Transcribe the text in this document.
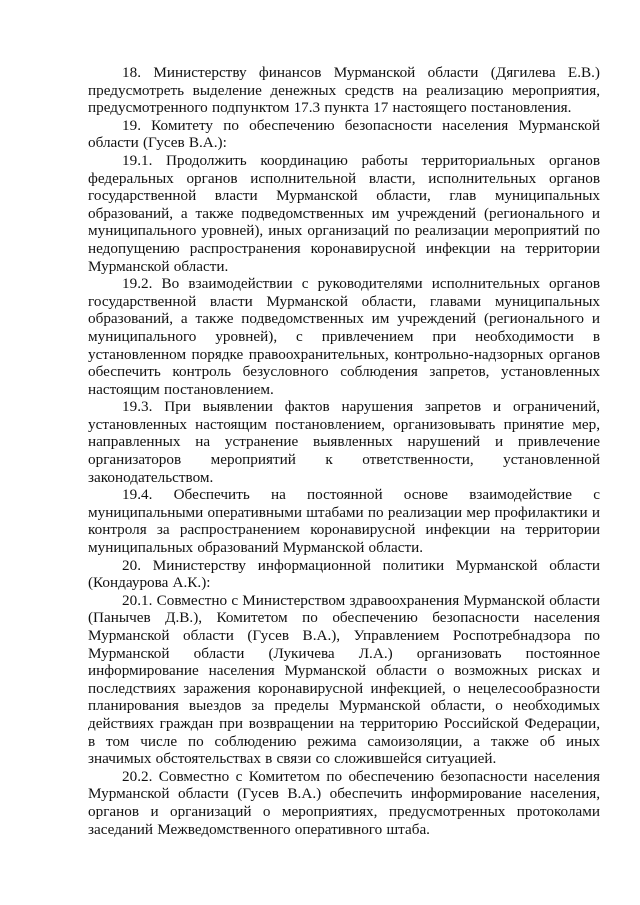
18. Министерству финансов Мурманской области (Дягилева Е.В.) предусмотреть выделение денежных средств на реализацию мероприятия, предусмотренного подпунктом 17.3 пункта 17 настоящего постановления.

19. Комитету по обеспечению безопасности населения Мурманской области (Гусев В.А.):

19.1. Продолжить координацию работы территориальных органов федеральных органов исполнительной власти, исполнительных органов государственной власти Мурманской области, глав муниципальных образований, а также подведомственных им учреждений (регионального и муниципального уровней), иных организаций по реализации мероприятий по недопущению распространения коронавирусной инфекции на территории Мурманской области.

19.2. Во взаимодействии с руководителями исполнительных органов государственной власти Мурманской области, главами муниципальных образований, а также подведомственных им учреждений (регионального и муниципального уровней), с привлечением при необходимости в установленном порядке правоохранительных, контрольно-надзорных органов обеспечить контроль безусловного соблюдения запретов, установленных настоящим постановлением.

19.3. При выявлении фактов нарушения запретов и ограничений, установленных настоящим постановлением, организовывать принятие мер, направленных на устранение выявленных нарушений и привлечение организаторов мероприятий к ответственности, установленной законодательством.

19.4. Обеспечить на постоянной основе взаимодействие с муниципальными оперативными штабами по реализации мер профилактики и контроля за распространением коронавирусной инфекции на территории муниципальных образований Мурманской области.

20. Министерству информационной политики Мурманской области (Кондаурова А.К.):

20.1. Совместно с Министерством здравоохранения Мурманской области (Панычев Д.В.), Комитетом по обеспечению безопасности населения Мурманской области (Гусев В.А.), Управлением Роспотребнадзора по Мурманской области (Лукичева Л.А.) организовать постоянное информирование населения Мурманской области о возможных рисках и последствиях заражения коронавирусной инфекцией, о нецелесообразности планирования выездов за пределы Мурманской области, о необходимых действиях граждан при возвращении на территорию Российской Федерации, в том числе по соблюдению режима самоизоляции, а также об иных значимых обстоятельствах в связи со сложившейся ситуацией.

20.2. Совместно с Комитетом по обеспечению безопасности населения Мурманской области (Гусев В.А.) обеспечить информирование населения, органов и организаций о мероприятиях, предусмотренных протоколами заседаний Межведомственного оперативного штаба.
